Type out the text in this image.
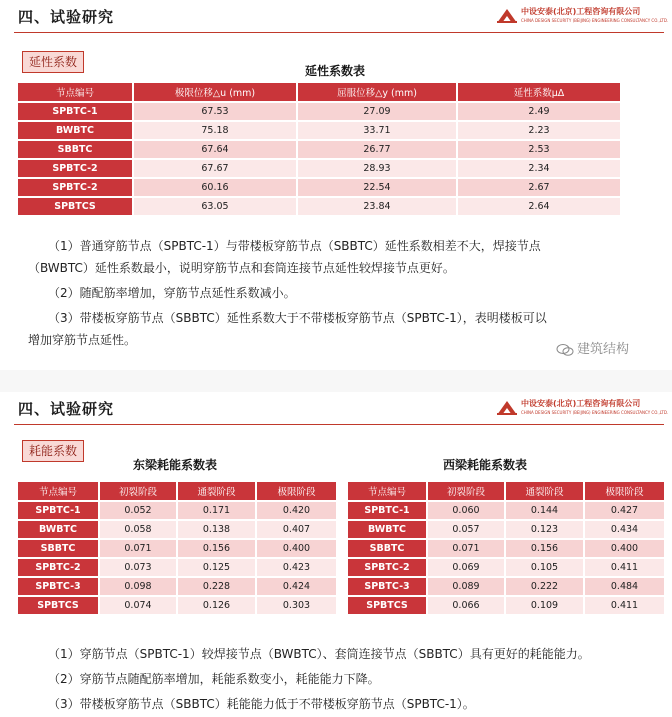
四、试验研究	中设安泰(北京)工程咨询有限公司
CHINA DESIGN SECURITY (BEIJING) ENGINEERING CONSULTANCY CO.,LTD.
延性系数
延性系数表
节点编号	极限位移△u (mm)	屈服位移△y (mm)	延性系数μΔ
SPBTC-1	67.53	27.09	2.49
BWBTC	75.18	33.71	2.23
SBBTC	67.64	26.77	2.53
SPBTC-2	67.67	28.93	2.34
SPBTC-2	60.16	22.54	2.67
SPBTCS	63.05	23.84	2.64
（1）普通穿筋节点（SPBTC-1）与带楼板穿筋节点（SBBTC）延性系数相差不大，焊接节点
（BWBTC）延性系数最小，说明穿筋节点和套筒连接节点延性较焊接节点更好。
（2）随配筋率增加，穿筋节点延性系数减小。
（3）带楼板穿筋节点（SBBTC）延性系数大于不带楼板穿筋节点（SPBTC-1），表明楼板可以
增加穿筋节点延性。
建筑结构
四、试验研究	中设安泰(北京)工程咨询有限公司
CHINA DESIGN SECURITY (BEIJING) ENGINEERING CONSULTANCY CO.,LTD.
耗能系数
东梁耗能系数表	西梁耗能系数表
节点编号	初裂阶段	通裂阶段	极限阶段
SPBTC-1	0.052	0.171	0.420
BWBTC	0.058	0.138	0.407
SBBTC	0.071	0.156	0.400
SPBTC-2	0.073	0.125	0.423
SPBTC-3	0.098	0.228	0.424
SPBTCS	0.074	0.126	0.303
节点编号	初裂阶段	通裂阶段	极限阶段
SPBTC-1	0.060	0.144	0.427
BWBTC	0.057	0.123	0.434
SBBTC	0.071	0.156	0.400
SPBTC-2	0.069	0.105	0.411
SPBTC-3	0.089	0.222	0.484
SPBTCS	0.066	0.109	0.411
（1）穿筋节点（SPBTC-1）较焊接节点（BWBTC）、套筒连接节点（SBBTC）具有更好的耗能能力。
（2）穿筋节点随配筋率增加，耗能系数变小，耗能能力下降。
（3）带楼板穿筋节点（SBBTC）耗能能力低于不带楼板穿筋节点（SPBTC-1）。
